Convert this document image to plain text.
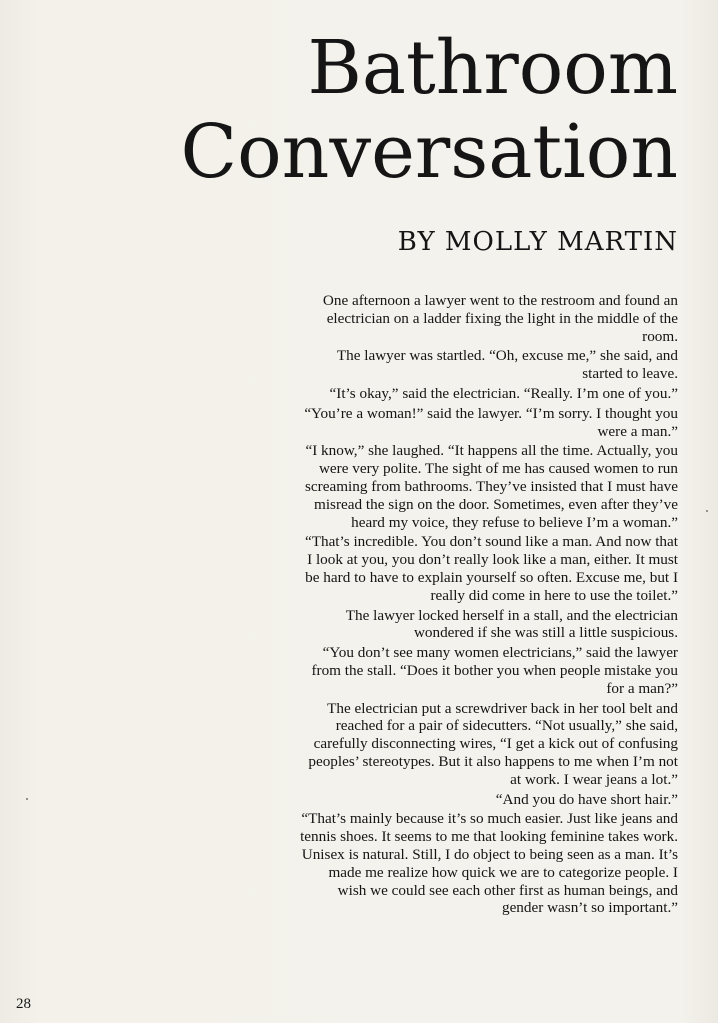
Bathroom
Conversation

BY MOLLY MARTIN

One afternoon a lawyer went to the restroom and found an electrician on a ladder fixing the light in the middle of the room.

The lawyer was startled. “Oh, excuse me,” she said, and started to leave.

“It’s okay,” said the electrician. “Really. I’m one of you.”

“You’re a woman!” said the lawyer. “I’m sorry. I thought you were a man.”

“I know,” she laughed. “It happens all the time. Actually, you were very polite. The sight of me has caused women to run screaming from bathrooms. They’ve insisted that I must have misread the sign on the door. Sometimes, even after they’ve heard my voice, they refuse to believe I’m a woman.”

“That’s incredible. You don’t sound like a man. And now that I look at you, you don’t really look like a man, either. It must be hard to have to explain yourself so often. Excuse me, but I really did come in here to use the toilet.”

The lawyer locked herself in a stall, and the electrician wondered if she was still a little suspicious.

“You don’t see many women electricians,” said the lawyer from the stall. “Does it bother you when people mistake you for a man?”

The electrician put a screwdriver back in her tool belt and reached for a pair of sidecutters. “Not usually,” she said, carefully disconnecting wires, “I get a kick out of confusing peoples’ stereotypes. But it also happens to me when I’m not at work. I wear jeans a lot.”

“And you do have short hair.”

“That’s mainly because it’s so much easier. Just like jeans and tennis shoes. It seems to me that looking feminine takes work. Unisex is natural. Still, I do object to being seen as a man. It’s made me realize how quick we are to categorize people. I wish we could see each other first as human beings, and gender wasn’t so important.”

28
